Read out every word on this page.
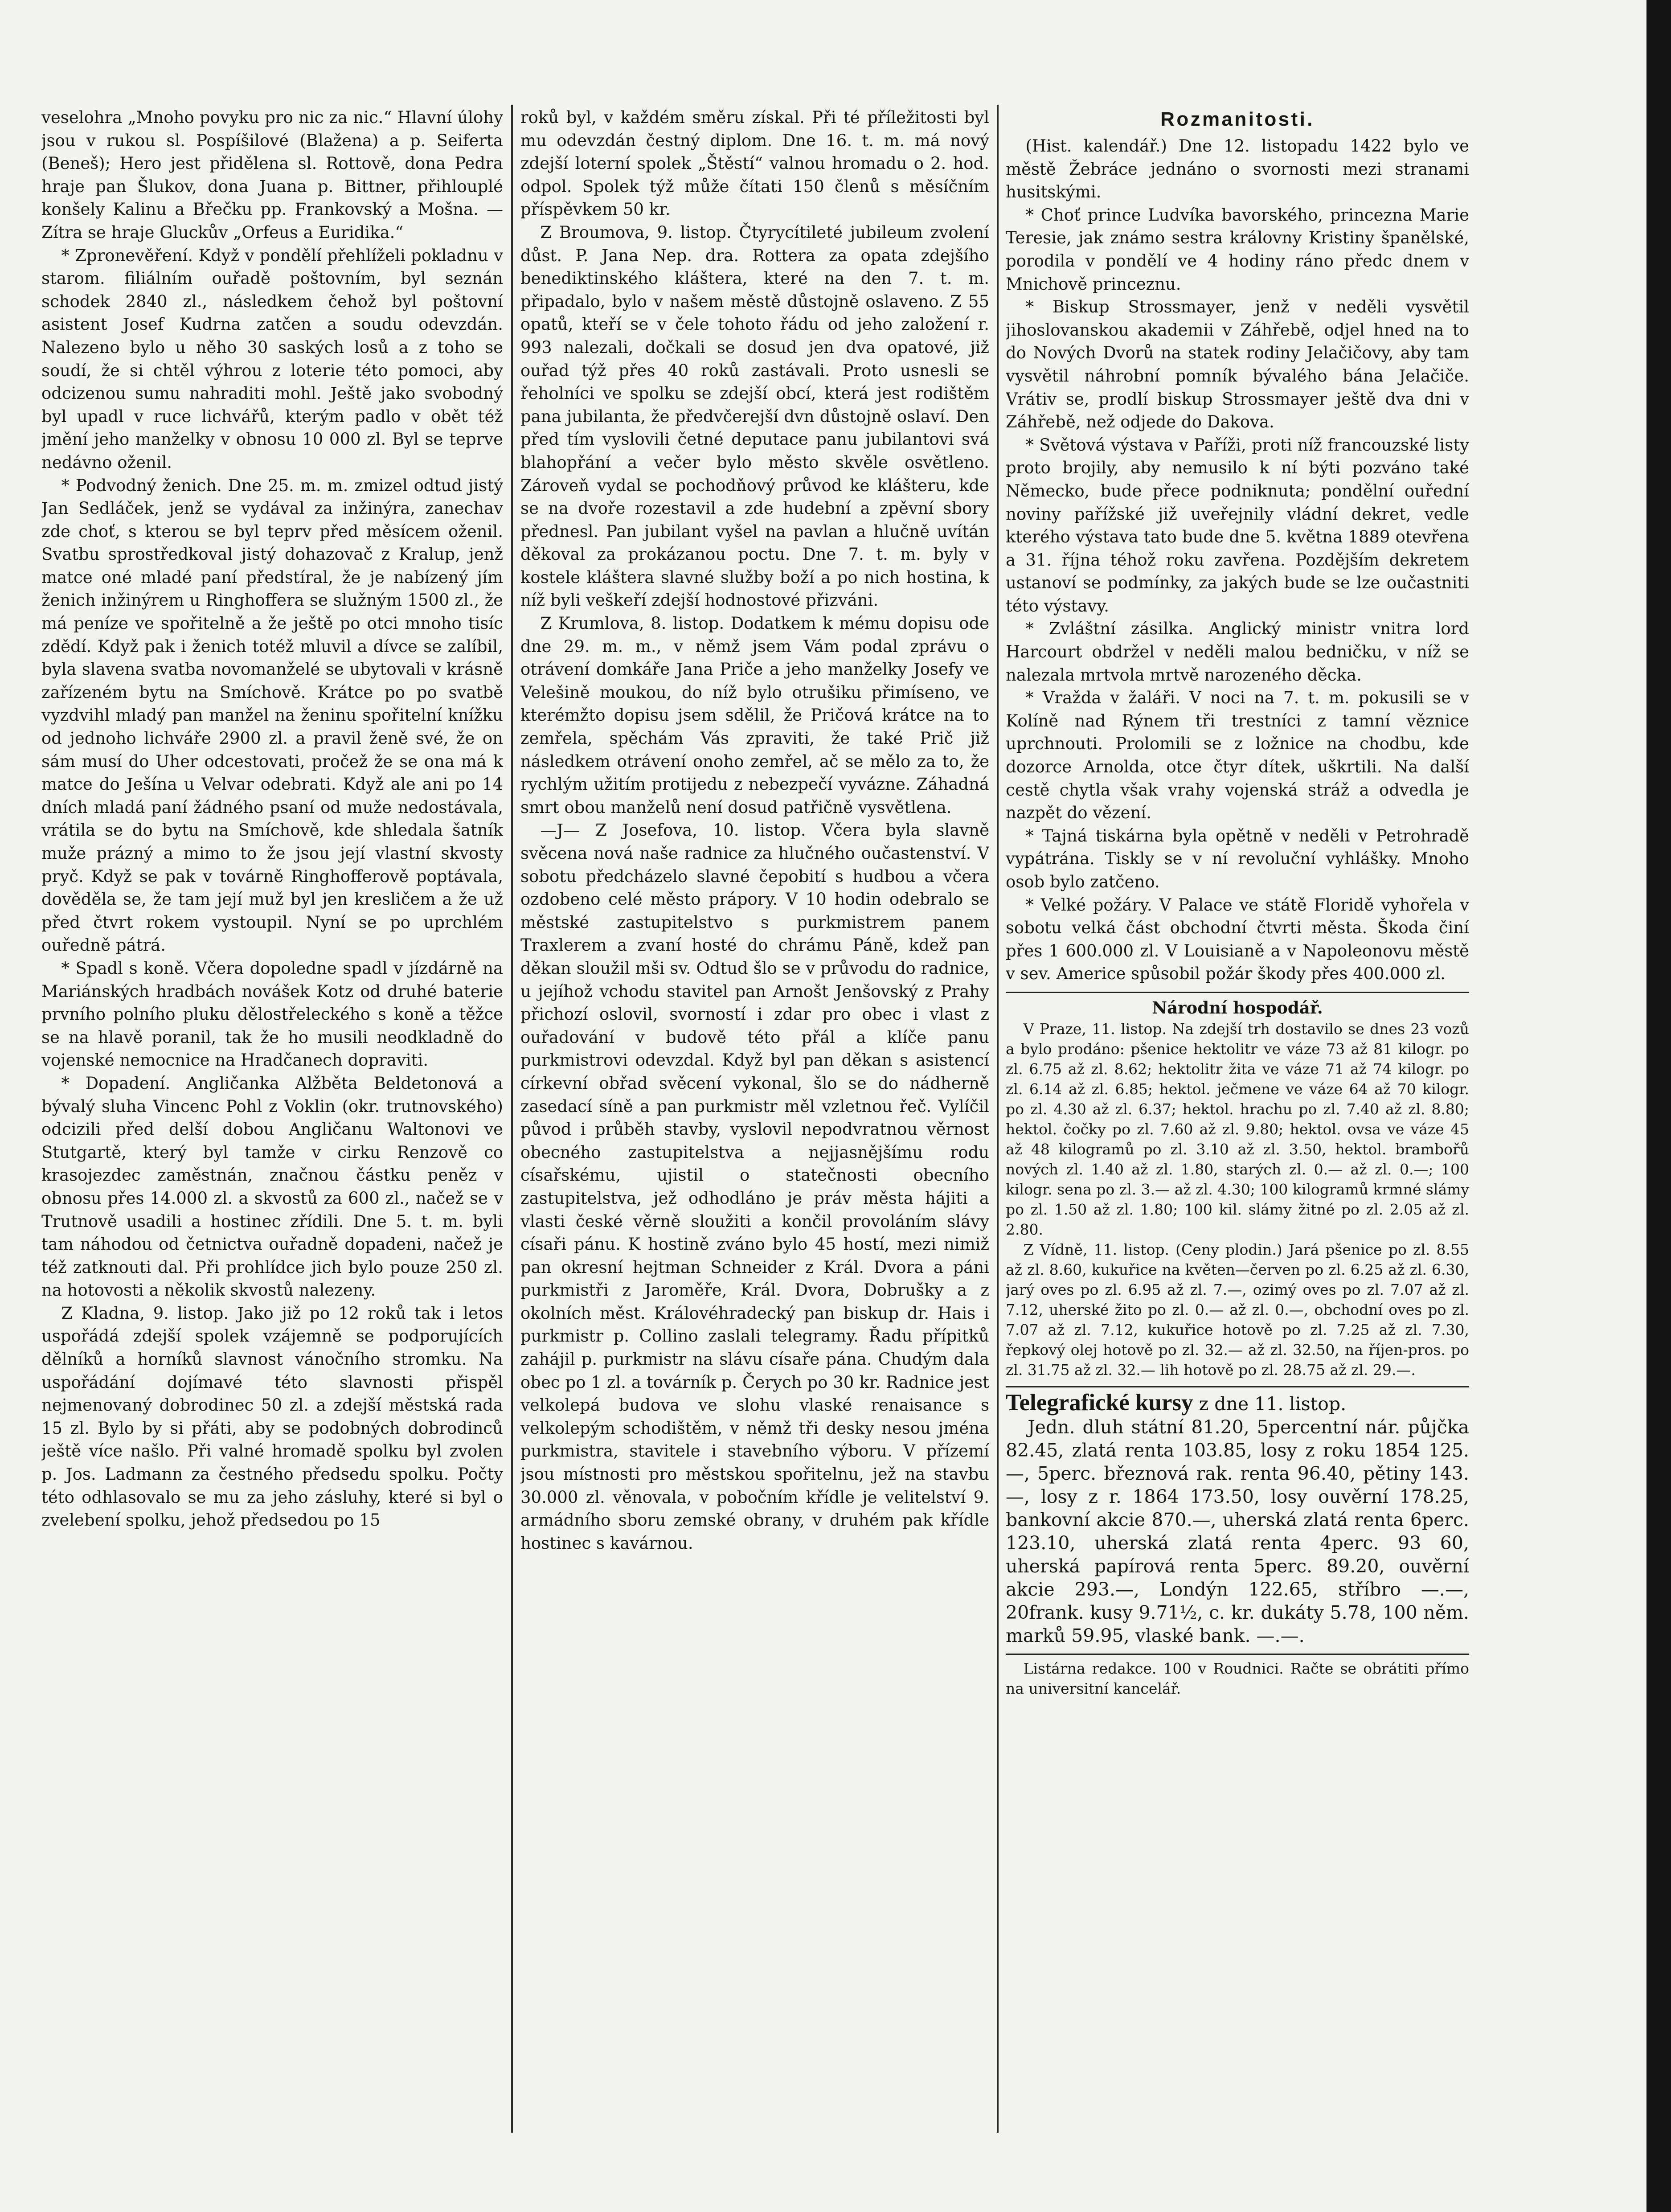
veselohra „Mnoho povyku pro nic za nic.“ Hlavní úlohy jsou v rukou sl. Pospíšilové (Blažena) a p. Seiferta (Beneš); Hero jest přidělena sl. Rottově, dona Pedra hraje pan Šlukov, dona Juana p. Bittner, přihlouplé konšely Kalinu a Břečku pp. Frankovský a Mošna. — Zítra se hraje Gluckův „Orfeus a Euridika.“

* Zpronevěření. Když v pondělí přehlíželi pokladnu v starom. filiálním ouřadě poštovním, byl seznán schodek 2840 zl., následkem čehož byl poštovní asistent Josef Kudrna zatčen a soudu odevzdán. Nalezeno bylo u něho 30 saských losů a z toho se soudí, že si chtěl výhrou z loterie této pomoci, aby odcizenou sumu nahraditi mohl. Ještě jako svobodný byl upadl v ruce lichvářů, kterým padlo v obět též jmění jeho manželky v obnosu 10 000 zl. Byl se teprve nedávno oženil.

* Podvodný ženich. Dne 25. m. m. zmizel odtud jistý Jan Sedláček, jenž se vydával za inžinýra, zanechav zde choť, s kterou se byl teprv před měsícem oženil. Svatbu sprostředkoval jistý dohazovač z Kralup, jenž matce oné mladé paní předstíral, že je nabízený jím ženich inžinýrem u Ringhoffera se služným 1500 zl., že má peníze ve spořitelně a že ještě po otci mnoho tisíc zdědí. Když pak i ženich totéž mluvil a dívce se zalíbil, byla slavena svatba novomanželé se ubytovali v krásně zařízeném bytu na Smíchově. Krátce po po svatbě vyzdvihl mladý pan manžel na ženinu spořitelní knížku od jednoho lichváře 2900 zl. a pravil ženě své, že on sám musí do Uher odcestovati, pročež že se ona má k matce do Ješína u Velvar odebrati. Když ale ani po 14 dních mladá paní žádného psaní od muže nedostávala, vrátila se do bytu na Smíchově, kde shledala šatník muže prázný a mimo to že jsou její vlastní skvosty pryč. Když se pak v továrně Ringhofferově poptávala, dověděla se, že tam její muž byl jen kresličem a že už před čtvrt rokem vystoupil. Nyní se po uprchlém ouředně pátrá.

* Spadl s koně. Včera dopoledne spadl v jízdárně na Mariánských hradbách novášek Kotz od druhé baterie prvního polního pluku dělostřeleckého s koně a těžce se na hlavě poranil, tak že ho musili neodkladně do vojenské nemocnice na Hradčanech dopraviti.

* Dopadení. Angličanka Alžběta Beldetonová a bývalý sluha Vincenc Pohl z Voklin (okr. trutnovského) odcizili před delší dobou Angličanu Waltonovi ve Stutgartě, který byl tamže v cirku Renzově co krasojezdec zaměstnán, značnou částku peněz v obnosu přes 14.000 zl. a skvostů za 600 zl., načež se v Trutnově usadili a hostinec zřídili. Dne 5. t. m. byli tam náhodou od četnictva ouřadně dopadeni, načež je též zatknouti dal. Při prohlídce jich bylo pouze 250 zl. na hotovosti a několik skvostů nalezeny.

Z Kladna, 9. listop. Jako již po 12 roků tak i letos uspořádá zdejší spolek vzájemně se podporujících dělníků a horníků slavnost vánočního stromku. Na uspořádání dojímavé této slavnosti přispěl nejmenovaný dobrodinec 50 zl. a zdejší městská rada 15 zl. Bylo by si přáti, aby se podobných dobrodinců ještě více našlo. Při valné hromadě spolku byl zvolen p. Jos. Ladmann za čestného předsedu spolku. Počty této odhlasovalo se mu za jeho zásluhy, které si byl o zvelebení spolku, jehož předsedou po 15

roků byl, v každém směru získal. Při té příležitosti byl mu odevzdán čestný diplom. Dne 16. t. m. má nový zdejší loterní spolek „Štěstí“ valnou hromadu o 2. hod. odpol. Spolek týž může čítati 150 členů s měsíčním příspěvkem 50 kr.

Z Broumova, 9. listop. Čtyrycítileté jubileum zvolení důst. P. Jana Nep. dra. Rottera za opata zdejšího benediktinského kláštera, které na den 7. t. m. připadalo, bylo v našem městě důstojně oslaveno. Z 55 opatů, kteří se v čele tohoto řádu od jeho založení r. 993 nalezali, dočkali se dosud jen dva opatové, již ouřad týž přes 40 roků zastávali. Proto usnesli se řeholníci ve spolku se zdejší obcí, která jest rodištěm pana jubilanta, že předvčerejší dvn důstojně oslaví. Den před tím vyslovili četné deputace panu jubilantovi svá blahopřání a večer bylo město skvěle osvětleno. Zároveň vydal se pochodňový průvod ke klášteru, kde se na dvoře rozestavil a zde hudební a zpěvní sbory přednesl. Pan jubilant vyšel na pavlan a hlučně uvítán děkoval za prokázanou poctu. Dne 7. t. m. byly v kostele kláštera slavné služby boží a po nich hostina, k níž byli veškeří zdejší hodnostové přizváni.

Z Krumlova, 8. listop. Dodatkem k mému dopisu ode dne 29. m. m., v němž jsem Vám podal zprávu o otrávení domkáře Jana Priče a jeho manželky Josefy ve Velešině moukou, do níž bylo otrušiku přimíseno, ve kterémžto dopisu jsem sdělil, že Pričová krátce na to zemřela, spěchám Vás zpraviti, že také Prič již následkem otrávení onoho zemřel, ač se mělo za to, že rychlým užitím protijedu z nebezpečí vyvázne. Záhadná smrt obou manželů není dosud patřičně vysvětlena.

—J— Z Josefova, 10. listop. Včera byla slavně svěcena nová naše radnice za hlučného oučastenství. V sobotu předcházelo slavné čepobití s hudbou a včera ozdobeno celé město prápory. V 10 hodin odebralo se městské zastupitelstvo s purkmistrem panem Traxlerem a zvaní hosté do chrámu Páně, kdež pan děkan sloužil mši sv. Odtud šlo se v průvodu do radnice, u jejíhož vchodu stavitel pan Arnošt Jenšovský z Prahy přichozí oslovil, svorností i zdar pro obec i vlast z ouřadování v budově této přál a klíče panu purkmistrovi odevzdal. Když byl pan děkan s asistencí církevní obřad svěcení vykonal, šlo se do nádherně zasedací síně a pan purkmistr měl vzletnou řeč. Vylíčil původ i průběh stavby, vyslovil nepodvratnou věrnost obecného zastupitelstva a nejjasnějšímu rodu císařskému, ujistil o statečnosti obecního zastupitelstva, jež odhodláno je práv města hájiti a vlasti české věrně sloužiti a končil provoláním slávy císaři pánu. K hostině zváno bylo 45 hostí, mezi nimiž pan okresní hejtman Schneider z Král. Dvora a páni purkmistři z Jaroměře, Král. Dvora, Dobrušky a z okolních měst. Královéhradecký pan biskup dr. Hais i purkmistr p. Collino zaslali telegramy. Řadu přípitků zahájil p. purkmistr na slávu císaře pána. Chudým dala obec po 1 zl. a továrník p. Čerych po 30 kr. Radnice jest velkolepá budova ve slohu vlaské renaisance s velkolepým schodištěm, v němž tři desky nesou jména purkmistra, stavitele i stavebního výboru. V přízemí jsou místnosti pro městskou spořitelnu, jež na stavbu 30.000 zl. věnovala, v pobočním křídle je velitelství 9. armádního sboru zemské obrany, v druhém pak křídle hostinec s kavárnou.

Rozmanitosti.

(Hist. kalendář.) Dne 12. listopadu 1422 bylo ve městě Žebráce jednáno o svornosti mezi stranami husitskými.

* Choť prince Ludvíka bavorského, princezna Marie Teresie, jak známo sestra královny Kristiny španělské, porodila v pondělí ve 4 hodiny ráno předc dnem v Mnichově princeznu.

* Biskup Strossmayer, jenž v neděli vysvětil jihoslovanskou akademii v Záhřebě, odjel hned na to do Nových Dvorů na statek rodiny Jelačičovy, aby tam vysvětil náhrobní pomník bývalého bána Jelačiče. Vrátiv se, prodlí biskup Strossmayer ještě dva dni v Záhřebě, než odjede do Dakova.

* Světová výstava v Paříži, proti níž francouzské listy proto brojily, aby nemusilo k ní býti pozváno také Německo, bude přece podniknuta; pondělní ouřední noviny pařížské již uveřejnily vládní dekret, vedle kterého výstava tato bude dne 5. května 1889 otevřena a 31. října téhož roku zavřena. Pozdějším dekretem ustanoví se podmínky, za jakých bude se lze oučastniti této výstavy.

* Zvláštní zásilka. Anglický ministr vnitra lord Harcourt obdržel v neděli malou bedničku, v níž se nalezala mrtvola mrtvě narozeného děcka.

* Vražda v žaláři. V noci na 7. t. m. pokusili se v Kolíně nad Rýnem tři trestníci z tamní věznice uprchnouti. Prolomili se z ložnice na chodbu, kde dozorce Arnolda, otce čtyr dítek, uškrtili. Na další cestě chytla však vrahy vojenská stráž a odvedla je nazpět do vězení.

* Tajná tiskárna byla opětně v neděli v Petrohradě vypátrána. Tiskly se v ní revoluční vyhlášky. Mnoho osob bylo zatčeno.

* Velké požáry. V Palace ve státě Floridě vyhořela v sobotu velká část obchodní čtvrti města. Škoda činí přes 1 600.000 zl. V Louisianě a v Napoleonovu městě v sev. Americe spůsobil požár škody přes 400.000 zl.

Národní hospodář.

V Praze, 11. listop. Na zdejší trh dostavilo se dnes 23 vozů a bylo prodáno: pšenice hektolitr ve váze 73 až 81 kilogr. po zl. 6.75 až zl. 8.62; hektolitr žita ve váze 71 až 74 kilogr. po zl. 6.14 až zl. 6.85; hektol. ječmene ve váze 64 až 70 kilogr. po zl. 4.30 až zl. 6.37; hektol. hrachu po zl. 7.40 až zl. 8.80; hektol. čočky po zl. 7.60 až zl. 9.80; hektol. ovsa ve váze 45 až 48 kilogramů po zl. 3.10 až zl. 3.50, hektol. brambořů nových zl. 1.40 až zl. 1.80, starých zl. 0.— až zl. 0.—; 100 kilogr. sena po zl. 3.— až zl. 4.30; 100 kilogramů krmné slámy po zl. 1.50 až zl. 1.80; 100 kil. slámy žitné po zl. 2.05 až zl. 2.80.

Z Vídně, 11. listop. (Ceny plodin.) Jará pšenice po zl. 8.55 až zl. 8.60, kukuřice na květen—červen po zl. 6.25 až zl. 6.30, jarý oves po zl. 6.95 až zl. 7.—, ozimý oves po zl. 7.07 až zl. 7.12, uherské žito po zl. 0.— až zl. 0.—, obchodní oves po zl. 7.07 až zl. 7.12, kukuřice hotově po zl. 7.25 až zl. 7.30, řepkový olej hotově po zl. 32.— až zl. 32.50, na říjen-pros. po zl. 31.75 až zl. 32.— lih hotově po zl. 28.75 až zl. 29.—.

Telegrafické kursy z dne 11. listop.

Jedn. dluh státní 81.20, 5percentní nár. půjčka 82.45, zlatá renta 103.85, losy z roku 1854 125.—, 5perc. březnová rak. renta 96.40, pětiny 143.—, losy z r. 1864 173.50, losy ouvěrní 178.25, bankovní akcie 870.—, uherská zlatá renta 6perc. 123.10, uherská zlatá renta 4perc. 93 60, uherská papírová renta 5perc. 89.20, ouvěrní akcie 293.—, Londýn 122.65, stříbro —.—, 20frank. kusy 9.71½, c. kr. dukáty 5.78, 100 něm. marků 59.95, vlaské bank. —.—.

Listárna redakce. 100 v Roudnici. Račte se obrátiti přímo na universitní kancelář.
